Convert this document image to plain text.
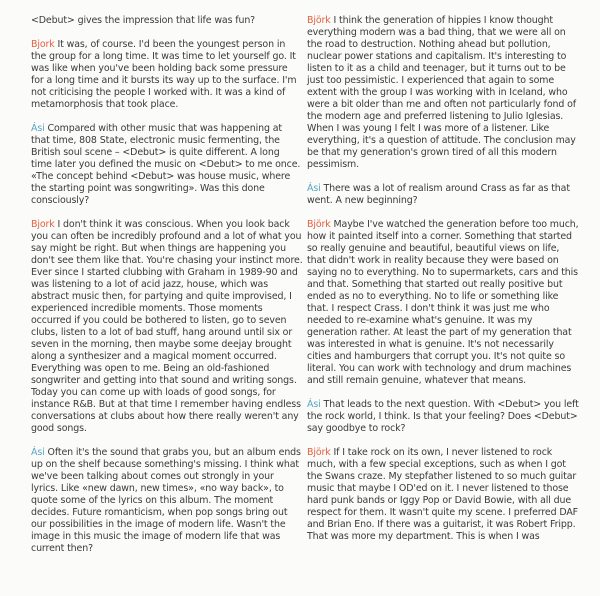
<Debut> gives the impression that life was fun?

Bjork It was, of course. I'd been the youngest person in the group for a long time. It was time to let yourself go. It was like when you've been holding back some pressure for a long time and it bursts its way up to the surface. I'm not criticising the people I worked with. It was a kind of metamorphosis that took place.

Ási Compared with other music that was happening at that time, 808 State, electronic music fermenting, the British soul scene – <Debut> is quite different. A long time later you defined the music on <Debut> to me once. «The concept behind <Debut> was house music, where the starting point was songwriting». Was this done consciously?

Bjork I don't think it was conscious. When you look back you can often be incredibly profound and a lot of what you say might be right. But when things are happening you don't see them like that. You're chasing your instinct more. Ever since I started clubbing with Graham in 1989-90 and was listening to a lot of acid jazz, house, which was abstract music then, for partying and quite improvised, I experienced incredible moments. Those moments occurred if you could be bothered to listen, go to seven clubs, listen to a lot of bad stuff, hang around until six or seven in the morning, then maybe some deejay brought along a synthesizer and a magical moment occurred. Everything was open to me. Being an old-fashioned songwriter and getting into that sound and writing songs. Today you can come up with loads of good songs, for instance R&B. But at that time I remember having endless conversations at clubs about how there really weren't any good songs.

Ási Often it's the sound that grabs you, but an album ends up on the shelf because something's missing. I think what we've been talking about comes out strongly in your lyrics. Like «new dawn, new times», «no way back», to quote some of the lyrics on this album. The moment decides. Future romanticism, when pop songs bring out our possibilities in the image of modern life. Wasn't the image in this music the image of modern life that was current then?

Björk I think the generation of hippies I know thought everything modern was a bad thing, that we were all on the road to destruction. Nothing ahead but pollution, nuclear power stations and capitalism. It's interesting to listen to it as a child and teenager, but it turns out to be just too pessimistic. I experienced that again to some extent with the group I was working with in Iceland, who were a bit older than me and often not particularly fond of the modern age and preferred listening to Julio Iglesias. When I was young I felt I was more of a listener. Like everything, it's a question of attitude. The conclusion may be that my generation's grown tired of all this modern pessimism.

Ási There was a lot of realism around Crass as far as that went. A new beginning?

Björk Maybe I've watched the generation before too much, how it painted itself into a corner. Something that started so really genuine and beautiful, beautiful views on life, that didn't work in reality because they were based on saying no to everything. No to supermarkets, cars and this and that. Something that started out really positive but ended as no to everything. No to life or something like that. I respect Crass. I don't think it was just me who needed to re-examine what's genuine. It was my generation rather. At least the part of my generation that was interested in what is genuine. It's not necessarily cities and hamburgers that corrupt you. It's not quite so literal. You can work with technology and drum machines and still remain genuine, whatever that means.

Ási That leads to the next question. With <Debut> you left the rock world, I think. Is that your feeling? Does <Debut> say goodbye to rock?

Björk If I take rock on its own, I never listened to rock much, with a few special exceptions, such as when I got the Swans craze. My stepfather listened to so much guitar music that maybe I OD'ed on it. I never listened to those hard punk bands or Iggy Pop or David Bowie, with all due respect for them. It wasn't quite my scene. I preferred DAF and Brian Eno. If there was a guitarist, it was Robert Fripp. That was more my department. This is when I was
